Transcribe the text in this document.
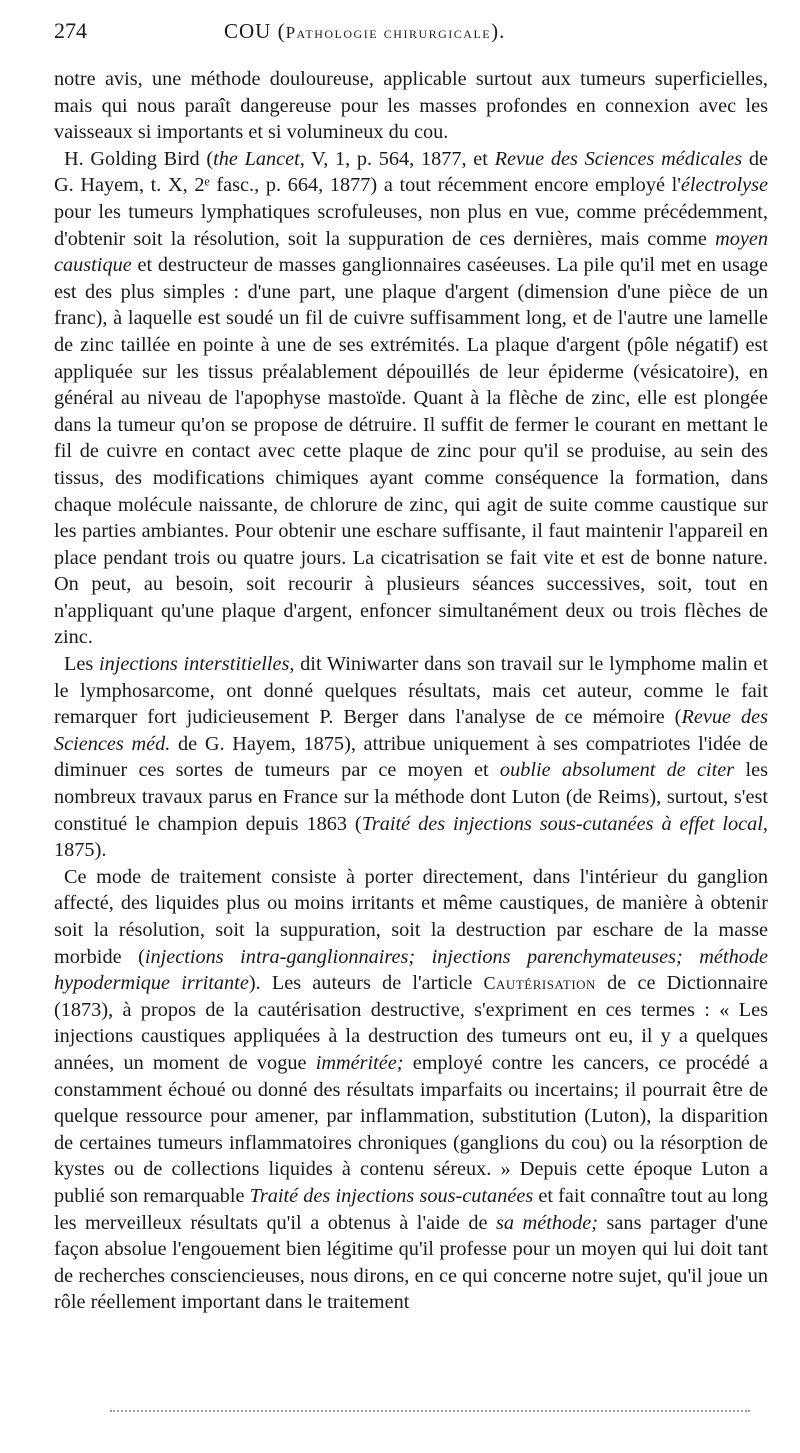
274	COU (Pathologie chirurgicale).

notre avis, une méthode douloureuse, applicable surtout aux tumeurs superficielles, mais qui nous paraît dangereuse pour les masses profondes en connexion avec les vaisseaux si importants et si volumineux du cou.

H. Golding Bird (the Lancet, V, 1, p. 564, 1877, et Revue des Sciences médicales de G. Hayem, t. X, 2ᵉ fasc., p. 664, 1877) a tout récemment encore employé l'électrolyse pour les tumeurs lymphatiques scrofuleuses, non plus en vue, comme précédemment, d'obtenir soit la résolution, soit la suppuration de ces dernières, mais comme moyen caustique et destructeur de masses ganglionnaires caséeuses. La pile qu'il met en usage est des plus simples : d'une part, une plaque d'argent (dimension d'une pièce de un franc), à laquelle est soudé un fil de cuivre suffisamment long, et de l'autre une lamelle de zinc taillée en pointe à une de ses extrémités. La plaque d'argent (pôle négatif) est appliquée sur les tissus préalablement dépouillés de leur épiderme (vésicatoire), en général au niveau de l'apophyse mastoïde. Quant à la flèche de zinc, elle est plongée dans la tumeur qu'on se propose de détruire. Il suffit de fermer le courant en mettant le fil de cuivre en contact avec cette plaque de zinc pour qu'il se produise, au sein des tissus, des modifications chimiques ayant comme conséquence la formation, dans chaque molécule naissante, de chlorure de zinc, qui agit de suite comme caustique sur les parties ambiantes. Pour obtenir une eschare suffisante, il faut maintenir l'appareil en place pendant trois ou quatre jours. La cicatrisation se fait vite et est de bonne nature. On peut, au besoin, soit recourir à plusieurs séances successives, soit, tout en n'appliquant qu'une plaque d'argent, enfoncer simultanément deux ou trois flèches de zinc.

Les injections interstitielles, dit Winiwarter dans son travail sur le lymphome malin et le lymphosarcome, ont donné quelques résultats, mais cet auteur, comme le fait remarquer fort judicieusement P. Berger dans l'analyse de ce mémoire (Revue des Sciences méd. de G. Hayem, 1875), attribue uniquement à ses compatriotes l'idée de diminuer ces sortes de tumeurs par ce moyen et oublie absolument de citer les nombreux travaux parus en France sur la méthode dont Luton (de Reims), surtout, s'est constitué le champion depuis 1863 (Traité des injections sous-cutanées à effet local, 1875).

Ce mode de traitement consiste à porter directement, dans l'intérieur du ganglion affecté, des liquides plus ou moins irritants et même caustiques, de manière à obtenir soit la résolution, soit la suppuration, soit la destruction par eschare de la masse morbide (injections intra-ganglionnaires; injections parenchymateuses; méthode hypodermique irritante). Les auteurs de l'article Cautérisation de ce Dictionnaire (1873), à propos de la cautérisation destructive, s'expriment en ces termes : « Les injections caustiques appliquées à la destruction des tumeurs ont eu, il y a quelques années, un moment de vogue imméritée; employé contre les cancers, ce procédé a constamment échoué ou donné des résultats imparfaits ou incertains; il pourrait être de quelque ressource pour amener, par inflammation, substitution (Luton), la disparition de certaines tumeurs inflammatoires chroniques (ganglions du cou) ou la résorption de kystes ou de collections liquides à contenu séreux. » Depuis cette époque Luton a publié son remarquable Traité des injections sous-cutanées et fait connaître tout au long les merveilleux résultats qu'il a obtenus à l'aide de sa méthode; sans partager d'une façon absolue l'engouement bien légitime qu'il professe pour un moyen qui lui doit tant de recherches consciencieuses, nous dirons, en ce qui concerne notre sujet, qu'il joue un rôle réellement important dans le traitement
